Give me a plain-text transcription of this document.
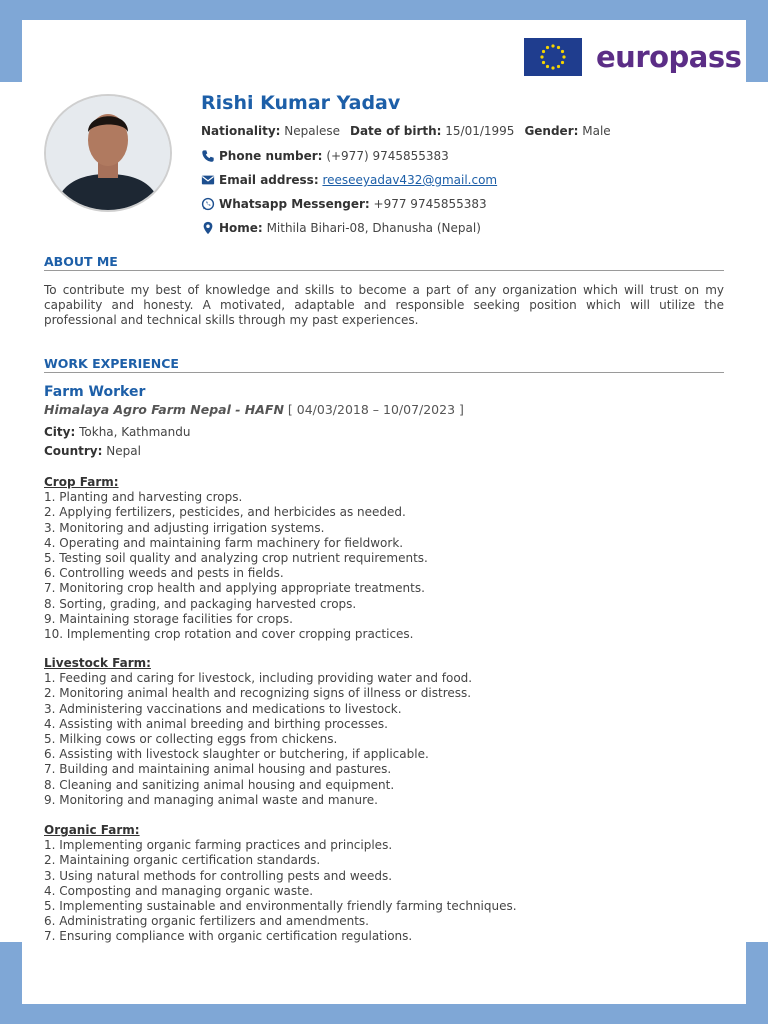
europass
Rishi Kumar Yadav
Nationality:
Nepalese Date of birth:
15/01/1995 Gender:
Male
Phone number:
(+977) 9745855383
Email address:
reeseeyadav432@gmail.com
Whatsapp Messenger:
+977 9745855383
Home:
Mithila Bihari-08, Dhanusha (Nepal)
ABOUT ME
To contribute my best of knowledge and skills to become a part of any organization which will trust on my capability and honesty. A motivated, adaptable and responsible seeking position which will utilize the professional and technical skills through my past experiences.
WORK EXPERIENCE
Farm Worker
Himalaya Agro Farm Nepal - HAFN [ 04/03/2018 – 10/07/2023 ]
City: Tokha, Kathmandu
Country: Nepal
Crop Farm:
1. Planting and harvesting crops.
2. Applying fertilizers, pesticides, and herbicides as needed.
3. Monitoring and adjusting irrigation systems.
4. Operating and maintaining farm machinery for fieldwork.
5. Testing soil quality and analyzing crop nutrient requirements.
6. Controlling weeds and pests in fields.
7. Monitoring crop health and applying appropriate treatments.
8. Sorting, grading, and packaging harvested crops.
9. Maintaining storage facilities for crops.
10. Implementing crop rotation and cover cropping practices.
Livestock Farm:
1. Feeding and caring for livestock, including providing water and food.
2. Monitoring animal health and recognizing signs of illness or distress.
3. Administering vaccinations and medications to livestock.
4. Assisting with animal breeding and birthing processes.
5. Milking cows or collecting eggs from chickens.
6. Assisting with livestock slaughter or butchering, if applicable.
7. Building and maintaining animal housing and pastures.
8. Cleaning and sanitizing animal housing and equipment.
9. Monitoring and managing animal waste and manure.
Organic Farm:
1. Implementing organic farming practices and principles.
2. Maintaining organic certification standards.
3. Using natural methods for controlling pests and weeds.
4. Composting and managing organic waste.
5. Implementing sustainable and environmentally friendly farming techniques.
6. Administrating organic fertilizers and amendments.
7. Ensuring compliance with organic certification regulations.
